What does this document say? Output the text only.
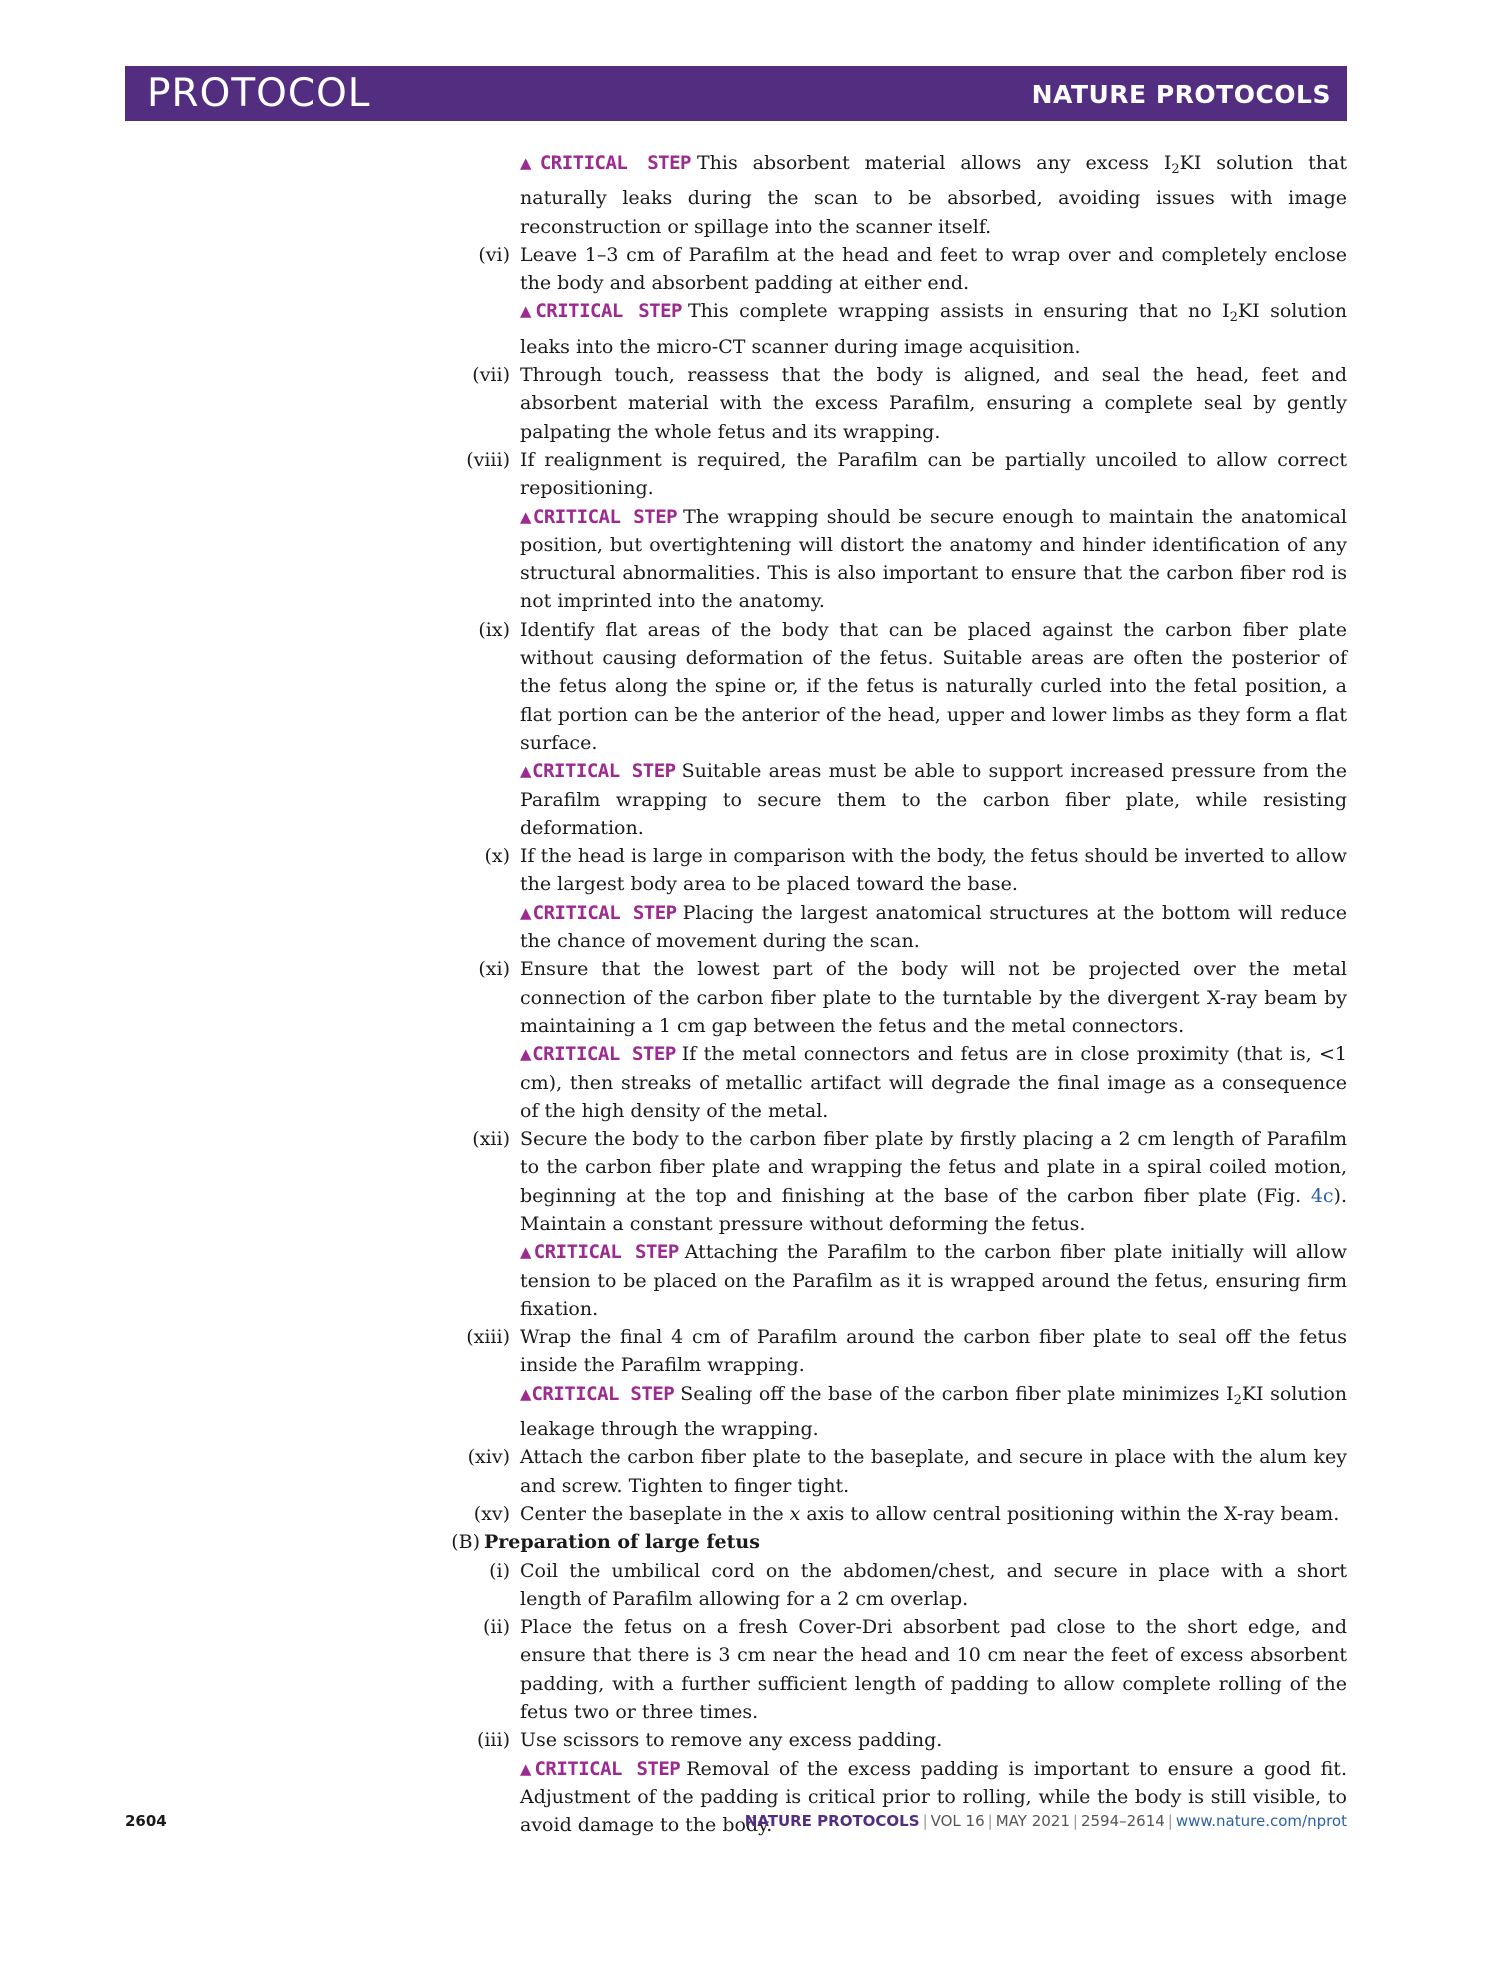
PROTOCOL	NATURE PROTOCOLS
▲CRITICAL STEP This absorbent material allows any excess $I_2KI$ solution that naturally leaks during the scan to be absorbed, avoiding issues with image reconstruction or spillage into the scanner itself.
(vi) Leave 1–3 cm of Parafilm at the head and feet to wrap over and completely enclose the body and absorbent padding at either end.
▲CRITICAL STEP This complete wrapping assists in ensuring that no $I_2KI$ solution leaks into the micro-CT scanner during image acquisition.
(vii) Through touch, reassess that the body is aligned, and seal the head, feet and absorbent material with the excess Parafilm, ensuring a complete seal by gently palpating the whole fetus and its wrapping.
(viii) If realignment is required, the Parafilm can be partially uncoiled to allow correct repositioning.
▲CRITICAL STEP The wrapping should be secure enough to maintain the anatomical position, but overtightening will distort the anatomy and hinder identification of any structural abnormalities. This is also important to ensure that the carbon fiber rod is not imprinted into the anatomy.
(ix) Identify flat areas of the body that can be placed against the carbon fiber plate without causing deformation of the fetus. Suitable areas are often the posterior of the fetus along the spine or, if the fetus is naturally curled into the fetal position, a flat portion can be the anterior of the head, upper and lower limbs as they form a flat surface.
▲CRITICAL STEP Suitable areas must be able to support increased pressure from the Parafilm wrapping to secure them to the carbon fiber plate, while resisting deformation.
(x) If the head is large in comparison with the body, the fetus should be inverted to allow the largest body area to be placed toward the base.
▲CRITICAL STEP Placing the largest anatomical structures at the bottom will reduce the chance of movement during the scan.
(xi) Ensure that the lowest part of the body will not be projected over the metal connection of the carbon fiber plate to the turntable by the divergent X-ray beam by maintaining a 1 cm gap between the fetus and the metal connectors.
▲CRITICAL STEP If the metal connectors and fetus are in close proximity (that is, <1 cm), then streaks of metallic artifact will degrade the final image as a consequence of the high density of the metal.
(xii) Secure the body to the carbon fiber plate by firstly placing a 2 cm length of Parafilm to the carbon fiber plate and wrapping the fetus and plate in a spiral coiled motion, beginning at the top and finishing at the base of the carbon fiber plate (Fig. 4c). Maintain a constant pressure without deforming the fetus.
▲CRITICAL STEP Attaching the Parafilm to the carbon fiber plate initially will allow tension to be placed on the Parafilm as it is wrapped around the fetus, ensuring firm fixation.
(xiii) Wrap the final 4 cm of Parafilm around the carbon fiber plate to seal off the fetus inside the Parafilm wrapping.
▲CRITICAL STEP Sealing off the base of the carbon fiber plate minimizes $I_2KI$ solution leakage through the wrapping.
(xiv) Attach the carbon fiber plate to the baseplate, and secure in place with the alum key and screw. Tighten to finger tight.
(xv) Center the baseplate in the x axis to allow central positioning within the X-ray beam.
(B) Preparation of large fetus
(i) Coil the umbilical cord on the abdomen/chest, and secure in place with a short length of Parafilm allowing for a 2 cm overlap.
(ii) Place the fetus on a fresh Cover-Dri absorbent pad close to the short edge, and ensure that there is 3 cm near the head and 10 cm near the feet of excess absorbent padding, with a further sufficient length of padding to allow complete rolling of the fetus two or three times.
(iii) Use scissors to remove any excess padding.
▲CRITICAL STEP Removal of the excess padding is important to ensure a good fit. Adjustment of the padding is critical prior to rolling, while the body is still visible, to avoid damage to the body.
2604	NATURE PROTOCOLS | VOL 16 | MAY 2021 | 2594–2614 | www.nature.com/nprot
